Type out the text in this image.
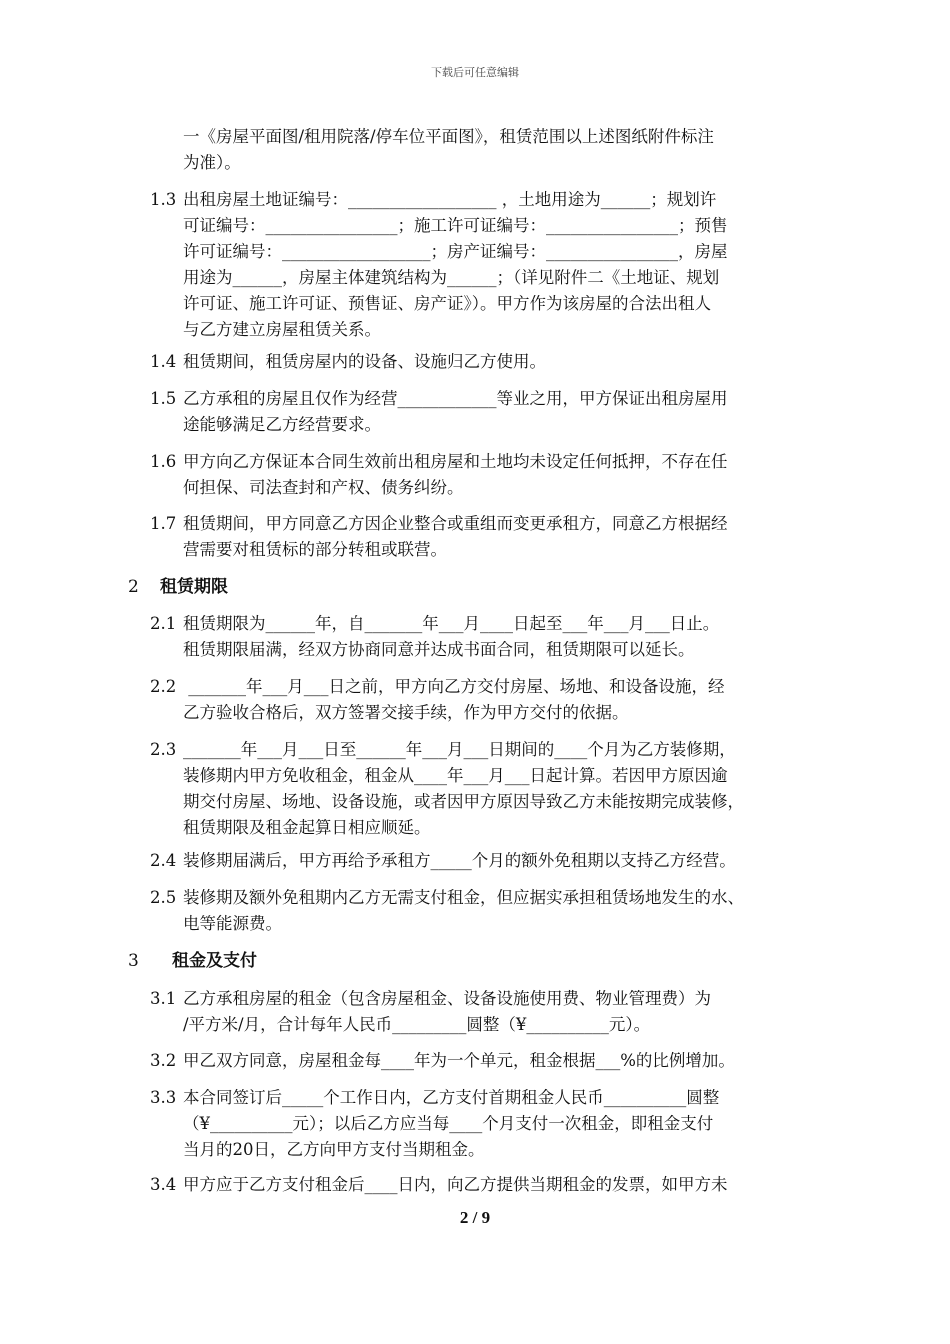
下载后可任意编辑
一《房屋平面图/租用院落/停车位平面图》，租赁范围以上述图纸附件标注
为准）。
1.3 出租房屋土地证编号：__________________ ，土地用途为______；规划许
可证编号：________________；施工许可证编号：________________；预售
许可证编号：__________________；房产证编号：________________，房屋
用途为______，房屋主体建筑结构为______；（详见附件二《土地证、规划
许可证、施工许可证、预售证、房产证》）。甲方作为该房屋的合法出租人
与乙方建立房屋租赁关系。
1.4 租赁期间，租赁房屋内的设备、设施归乙方使用。
1.5 乙方承租的房屋且仅作为经营____________等业之用，甲方保证出租房屋用
途能够满足乙方经营要求。
1.6 甲方向乙方保证本合同生效前出租房屋和土地均未设定任何抵押，不存在任
何担保、司法查封和产权、债务纠纷。
1.7 租赁期间，甲方同意乙方因企业整合或重组而变更承租方，同意乙方根据经
营需要对租赁标的部分转租或联营。
2 租赁期限
2.1 租赁期限为______年，自_______年___月____日起至___年___月___日止。
租赁期限届满，经双方协商同意并达成书面合同，租赁期限可以延长。
2.2 _______年___月___日之前，甲方向乙方交付房屋、场地、和设备设施，经
乙方验收合格后，双方签署交接手续，作为甲方交付的依据。
2.3 _______年___月___日至______年___月___日期间的____个月为乙方装修期，
装修期内甲方免收租金，租金从____年___月___日起计算。若因甲方原因逾
期交付房屋、场地、设备设施，或者因甲方原因导致乙方未能按期完成装修，
租赁期限及租金起算日相应顺延。
2.4 装修期届满后，甲方再给予承租方_____个月的额外免租期以支持乙方经营。
2.5 装修期及额外免租期内乙方无需支付租金，但应据实承担租赁场地发生的水、
电等能源费。
3 租金及支付
3.1 乙方承租房屋的租金（包含房屋租金、设备设施使用费、物业管理费）为
/平方米/月，合计每年人民币_________圆整（¥__________元）。
3.2 甲乙双方同意，房屋租金每____年为一个单元，租金根据___%的比例增加。
3.3 本合同签订后_____个工作日内，乙方支付首期租金人民币__________圆整
（¥__________元）；以后乙方应当每____个月支付一次租金，即租金支付
当月的20日，乙方向甲方支付当期租金。
3.4 甲方应于乙方支付租金后____日内，向乙方提供当期租金的发票，如甲方未
2 / 9
